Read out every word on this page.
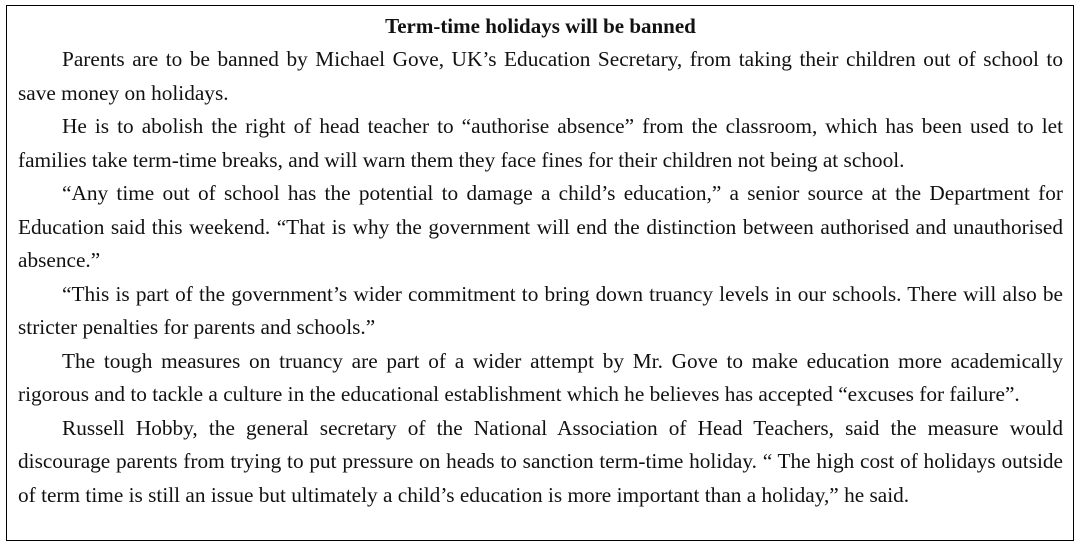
Term-time holidays will be banned

Parents are to be banned by Michael Gove, UK’s Education Secretary, from taking their children out of school to save money on holidays.

He is to abolish the right of head teacher to “authorise absence” from the classroom, which has been used to let families take term-time breaks, and will warn them they face fines for their children not being at school.

“Any time out of school has the potential to damage a child’s education,” a senior source at the Department for Education said this weekend. “That is why the government will end the distinction between authorised and unauthorised absence.”

“This is part of the government’s wider commitment to bring down truancy levels in our schools. There will also be stricter penalties for parents and schools.”

The tough measures on truancy are part of a wider attempt by Mr. Gove to make education more academically rigorous and to tackle a culture in the educational establishment which he believes has accepted “excuses for failure”.

Russell Hobby, the general secretary of the National Association of Head Teachers, said the measure would discourage parents from trying to put pressure on heads to sanction term-time holiday. “ The high cost of holidays outside of term time is still an issue but ultimately a child’s education is more important than a holiday,” he said.
